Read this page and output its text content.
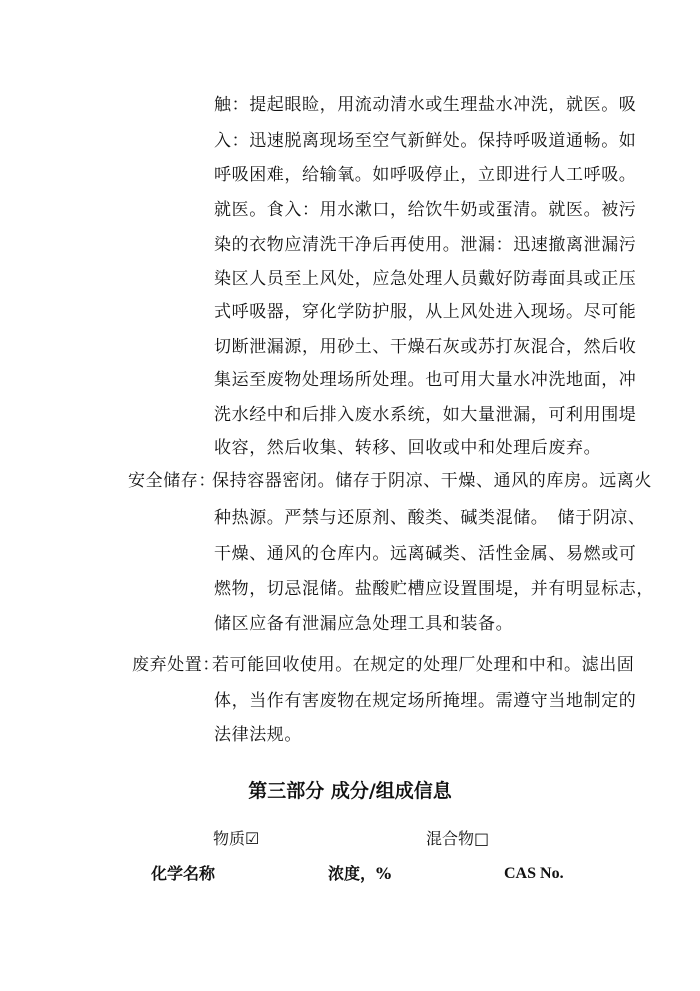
触：提起眼睑，用流动清水或生理盐水冲洗，就医。吸
入：迅速脱离现场至空气新鲜处。保持呼吸道通畅。如
呼吸困难，给输氧。如呼吸停止，立即进行人工呼吸。
就医。食入：用水漱口，给饮牛奶或蛋清。就医。被污
染的衣物应清洗干净后再使用。泄漏：迅速撤离泄漏污
染区人员至上风处，应急处理人员戴好防毒面具或正压
式呼吸器，穿化学防护服，从上风处进入现场。尽可能
切断泄漏源，用砂土、干燥石灰或苏打灰混合，然后收
集运至废物处理场所处理。也可用大量水冲洗地面，冲
洗水经中和后排入废水系统，如大量泄漏，可利用围堤
收容，然后收集、转移、回收或中和处理后废弃。
安全储存：
保持容器密闭。储存于阴凉、干燥、通风的库房。远离火
种热源。严禁与还原剂、酸类、碱类混储。　储于阴凉、
干燥、通风的仓库内。远离碱类、活性金属、易燃或可
燃物，切忌混储。盐酸贮槽应设置围堤，并有明显标志，
储区应备有泄漏应急处理工具和装备。
废弃处置：
若可能回收使用。在规定的处理厂处理和中和。滤出固
体，当作有害废物在规定场所掩埋。需遵守当地制定的
法律法规。
第三部分 成分/组成信息
物质☑	混合物□
化学名称	浓度，%	CAS No.
